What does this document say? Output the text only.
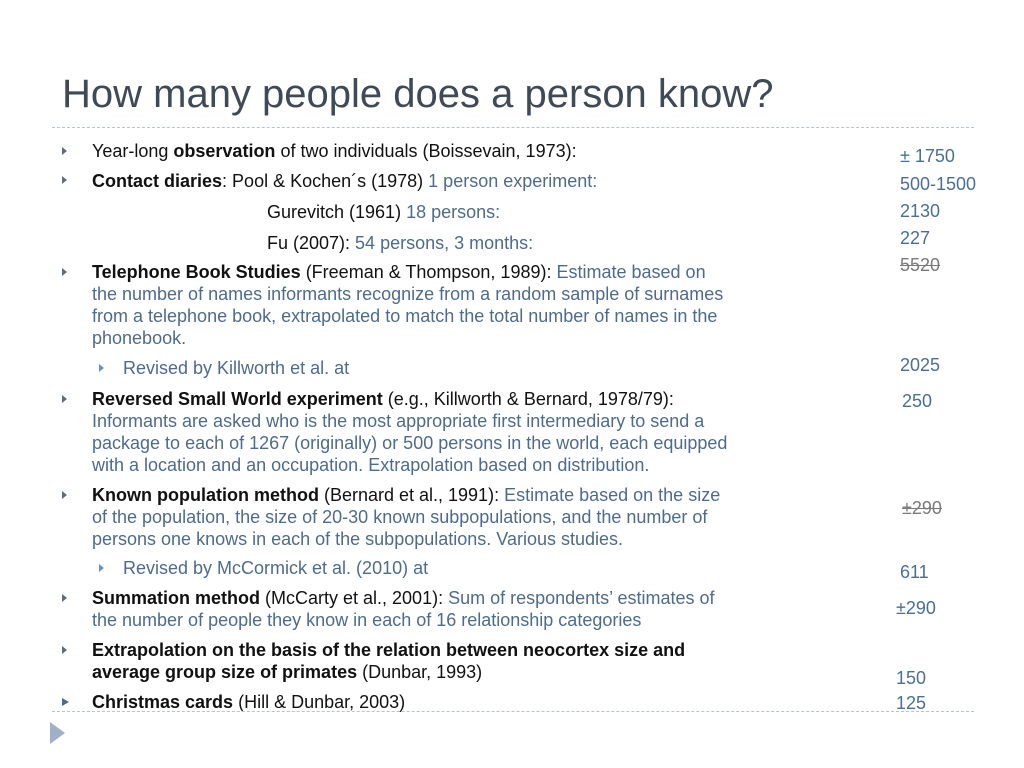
How many people does a person know?
Year-long observation of two individuals (Boissevain, 1973):
Contact diaries: Pool & Kochen´s (1978) 1 person experiment:
Gurevitch (1961) 18 persons:
Fu (2007): 54 persons, 3 months:
Telephone Book Studies (Freeman & Thompson, 1989): Estimate based on
the number of names informants recognize from a random sample of surnames
from a telephone book, extrapolated to match the total number of names in the
phonebook.
Revised by Killworth et al. at
Reversed Small World experiment (e.g., Killworth & Bernard, 1978/79):
Informants are asked who is the most appropriate first intermediary to send a
package to each of 1267 (originally) or 500 persons in the world, each equipped
with a location and an occupation. Extrapolation based on distribution.
Known population method (Bernard et al., 1991): Estimate based on the size
of the population, the size of 20-30 known subpopulations, and the number of
persons one knows in each of the subpopulations. Various studies.
Revised by McCormick et al. (2010) at
Summation method (McCarty et al., 2001): Sum of respondents’ estimates of
the number of people they know in each of 16 relationship categories
Extrapolation on the basis of the relation between neocortex size and
average group size of primates (Dunbar, 1993)
Christmas cards (Hill & Dunbar, 2003)
± 1750
500-1500
2130
227
5520
2025
250
±290
611
±290
150
125
